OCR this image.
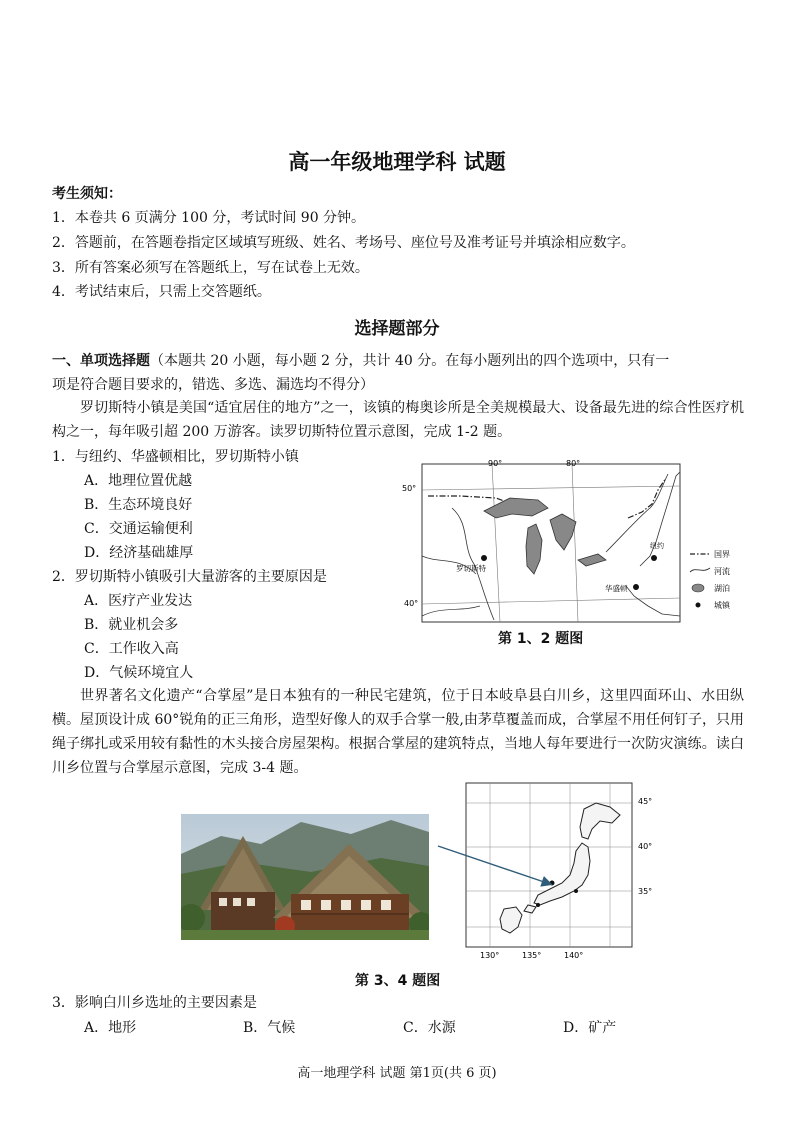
高一年级地理学科 试题
考生须知：
1．本卷共 6 页满分 100 分，考试时间 90 分钟。
2．答题前，在答题卷指定区域填写班级、姓名、考场号、座位号及准考证号并填涂相应数字。
3．所有答案必须写在答题纸上，写在试卷上无效。
4．考试结束后，只需上交答题纸。
选择题部分
一、单项选择题（本题共 20 小题，每小题 2 分，共计 40 分。在每小题列出的四个选项中，只有一
项是符合题目要求的，错选、多选、漏选均不得分）
罗切斯特小镇是美国“适宜居住的地方”之一，该镇的梅奥诊所是全美规模最大、设备最先进的综合性医疗机构之一，每年吸引超 200 万游客。读罗切斯特位置示意图，完成 1-2 题。
1．与纽约、华盛顿相比，罗切斯特小镇
A．地理位置优越
B．生态环境良好
C．交通运输便利
D．经济基础雄厚
2．罗切斯特小镇吸引大量游客的主要原因是
A．医疗产业发达
B．就业机会多
C．工作收入高
D．气候环境宜人
50°
40°
90°	80°
罗切斯特
华盛顿
纽约
国界
河流
湖泊
城镇
第 1、2 题图
世界著名文化遗产“合掌屋”是日本独有的一种民宅建筑，位于日本岐阜县白川乡，这里四面环山、水田纵横。屋顶设计成 60°锐角的正三角形，造型好像人的双手合掌一般,由茅草覆盖而成，合掌屋不用任何钉子，只用绳子绑扎或采用较有黏性的木头接合房屋架构。根据合掌屋的建筑特点，当地人每年要进行一次防灾演练。读白川乡位置与合掌屋示意图，完成 3-4 题。
45°
40°
35°
130°	135°	140°
第 3、4 题图
3．影响白川乡选址的主要因素是
A．地形	B．气候	C．水源	D．矿产
高一地理学科 试题 第1页(共 6 页)
